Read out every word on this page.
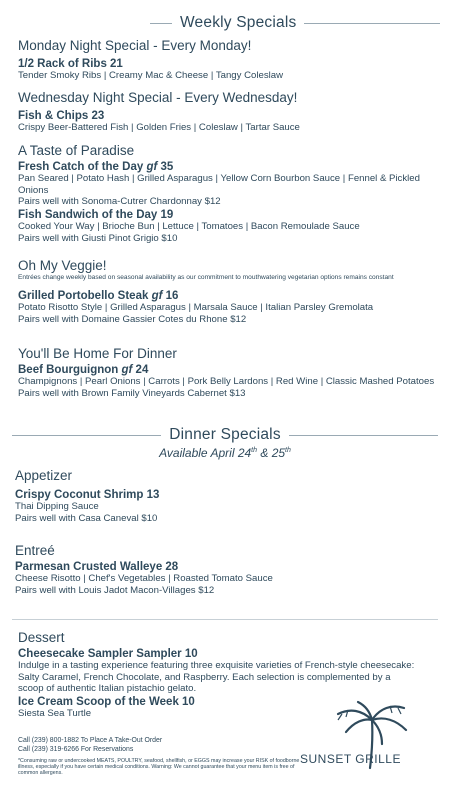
Weekly Specials
Monday Night Special - Every Monday!
1/2 Rack of Ribs 21
Tender Smoky Ribs | Creamy Mac & Cheese | Tangy Coleslaw
Wednesday Night Special - Every Wednesday!
Fish & Chips 23
Crispy Beer-Battered Fish | Golden Fries | Coleslaw | Tartar Sauce
A Taste of Paradise
Fresh Catch of the Day gf 35
Pan Seared | Potato Hash | Grilled Asparagus | Yellow Corn Bourbon Sauce | Fennel & Pickled Onions
Pairs well with Sonoma-Cutrer Chardonnay $12
Fish Sandwich of the Day 19
Cooked Your Way | Brioche Bun | Lettuce | Tomatoes | Bacon Remoulade Sauce
Pairs well with Giusti Pinot Grigio $10
Oh My Veggie!
Entrées change weekly based on seasonal availability as our commitment to mouthwatering vegetarian options remains constant
Grilled Portobello Steak gf 16
Potato Risotto Style | Grilled Asparagus | Marsala Sauce | Italian Parsley Gremolata
Pairs well with Domaine Gassier Cotes du Rhone $12
You'll Be Home For Dinner
Beef Bourguignon gf 24
Champignons | Pearl Onions | Carrots | Pork Belly Lardons | Red Wine | Classic Mashed Potatoes
Pairs well with Brown Family Vineyards Cabernet $13
Dinner Specials
Available April 24th & 25th
Appetizer
Crispy Coconut Shrimp 13
Thai Dipping Sauce
Pairs well with Casa Caneval $10
Entreé
Parmesan Crusted Walleye 28
Cheese Risotto | Chef's Vegetables | Roasted Tomato Sauce
Pairs well with Louis Jadot Macon-Villages $12
Dessert
Cheesecake Sampler Sampler 10
Indulge in a tasting experience featuring three exquisite varieties of French-style cheesecake: Salty Caramel, French Chocolate, and Raspberry. Each selection is complemented by a scoop of authentic Italian pistachio gelato.
Ice Cream Scoop of the Week 10
Siesta Sea Turtle
Call (239) 800-1882 To Place A Take-Out Order
Call (239) 319-6266 For Reservations
*Consuming raw or undercooked MEATS, POULTRY, seafood, shellfish, or EGGS may increase your RISK of foodborne illness, especially if you have certain medical conditions. Warning: We cannot guarantee that your menu item is free of common allergens.
SUNSET GRILLE
